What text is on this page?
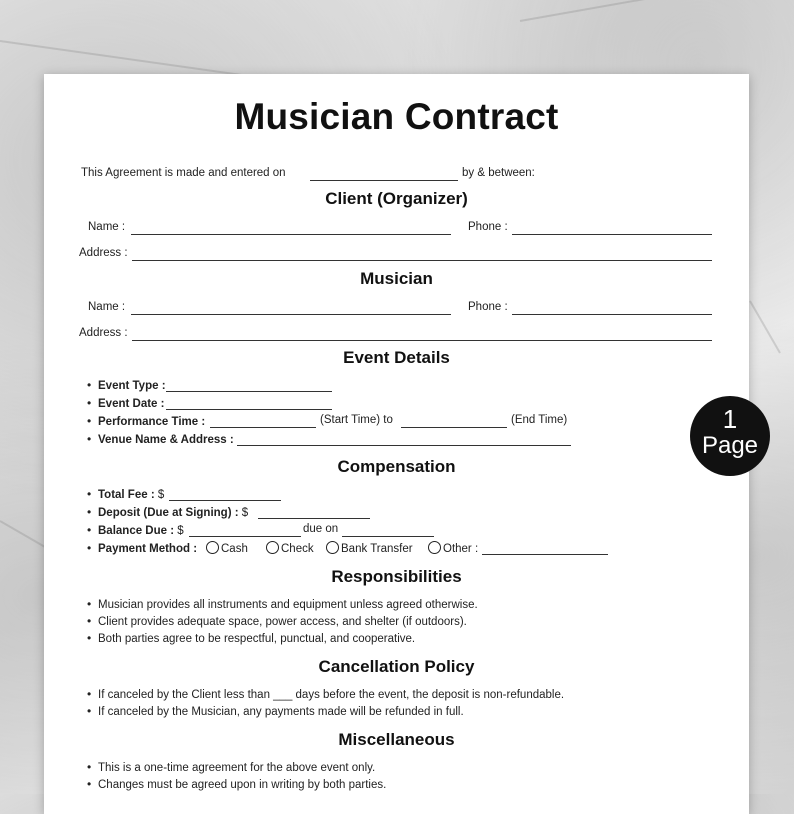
Musician Contract
This Agreement is made and entered on	by & between:
Client (Organizer)
Name :	Phone :
Address :
Musician
Name :	Phone :
Address :
Event Details
• Event Type :
• Event Date :
• Performance Time :	(Start Time) to	(End Time)
• Venue Name & Address :
Compensation
• Total Fee : $
• Deposit (Due at Signing) : $
• Balance Due : $	due on
• Payment Method :	Cash	Check	Bank Transfer	Other :
Responsibilities
• Musician provides all instruments and equipment unless agreed otherwise.
• Client provides adequate space, power access, and shelter (if outdoors).
• Both parties agree to be respectful, punctual, and cooperative.
Cancellation Policy
• If canceled by the Client less than ___ days before the event, the deposit is non-refundable.
• If canceled by the Musician, any payments made will be refunded in full.
Miscellaneous
• This is a one-time agreement for the above event only.
• Changes must be agreed upon in writing by both parties.
1
Page
